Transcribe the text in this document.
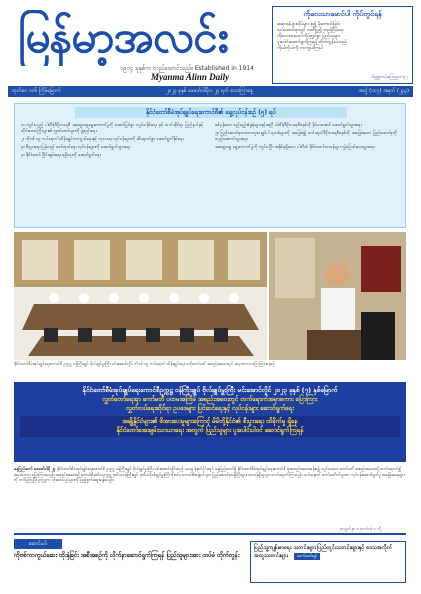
မြန်မာ့အလင်း
၁၉၁၄ ခုနှစ်က တည်ထောင်သည်။ Established in 1914
Myanma Alinn Daily
ကိုလေသာမောင်ပါ ကိုပ်တွင်ရန်
ဆရာဝန်များလိုပ်များ စုံ၍ မိုးကောင်းခြင်း
လုပ်ဆောင်ရာတွင် သတိပြု၍ တည်ငြိမ်ရေး
ကိုလေသာမောင်ကိုပ်တွင်စွာ ပြည်သူများ
ပူးပေါင်းဆောင်ရွက်ကြရန် တိုက်တွန်းပါသည်
ကိုယ်ကိုယ်ကို ကာကွယ်ကြပါ
မိတ္တူကပ်ကြေညာ-၄၇
ထုတ်ဝေ ၁၀၆ ကြိမ်မြောက်	၂၀၂၃ ခုနှစ် ဖေဖော်ဝါရီလ ၂၄ ရက် သောကြာနေ့	အတွဲ (၁၀၇) အမှတ် (၂၃၃)
နိုင်ငံတော်စီမံအုပ်ချုပ်ရေးကောင်စီ၏ ရှေ့လုပ်ငန်းစဉ် (၅) ရပ်
၁။ ကျင်းပမည့် ပါတီစုံဒီမိုကရေစီ အထွေထွေရွေးကောက်ပွဲကို အောင်မြင်စွာ ကျင်းပနိုင်ရေး နှင့် သက်ဆိုင်ရာ ပြည်နယ်နှင့်တိုင်းဒေသကြီးများ၏ လွှတ်တော်များကို ဖွဲ့စည်းရေး
၂။ ကိုဗစ်-၁၉ ကပ်ရောဂါ ထိန်းချုပ်ကာကွယ်ရေးနှင့် ကုသရေး လုပ်ငန်းများကို ထိရောက်စွာ ဆောင်ရွက်နိုင်ရေး
၃။ စီးပွားရေး ပြန်လည် ဖော်ထုတ်ရေး လုပ်ငန်းများကို ဆောင်ရွက်သွားရေး
၄။ နိုင်ငံတော် ငြိမ်းချမ်းရေး ရရှိရေးကို ဆောင်ရွက်ရေး
စစ်မှန်သော စည်းမျဉ်းစံနှုန်းများနှင့်အညီ ပါတီစုံဒီမိုကရေစီစနစ်ကို ခိုင်မာအောင် ဆောင်ရွက်သွားရေး
၅။ ပြည်ထောင်စုသဘောတူစာချုပ်ပါ ရလဒ်များကို အခြေခံ၍ ဖက်ဒရယ်ဒီမိုကရေစီစနစ်ကို အခြေခံသော ပြည်ထောင်စုကို တည်ဆောက်သွားရေး
အထွေထွေ ရွေးကောက်ပွဲကို ကျင်းပပြီး အနိုင်ရရှိသော ပါတီထံ နိုင်ငံတော်တာဝန်များ လွှဲပြောင်းပေးသွားရေး
နိုင်ငံတော်စီမံအုပ်ချုပ်ရေးကောင်စီ ဥက္ကဋ္ဌ ဝန်ကြီးချုပ် ဗိုလ်ချုပ်မှူးကြီး မင်းအောင်လှိုင် ကိုဗစ်-၁၉ ကပ်ရောဂါ ထိန်းချုပ်ရေး ဗဟိုကော်မတီ အစည်းအဝေးတွင် အမှာစကား ပြောကြားနေစဉ်
နိုင်ငံတော်စီမံအုပ်ချုပ်ရေးကောင်စီဥက္ကဋ္ဌ ဝန်ကြီးချုပ် ဗိုလ်ချုပ်မှူးကြီး မင်းအောင်လှိုင် ၂၀၂၃ ခုနှစ် (၇) နှစ်မြောက်
လွှတ်တော်ရေးရာ ကော်မတီ ပထမအကြိမ် အစည်းအဝေးတွင် တက်ရောက်အမှာစကား ပြောကြား
လွှတ်လပ်ရေးဆိုင်ရာ ဥပဒေများ ပြင်ဆင်ရေးနှင့် လုပ်ငန်းများ ဆောင်ရွက်ရေး
အချို့နိုင်ငံများ၏ ဖိအားပေးမှုများကြောင့် မိမိတို့နိုင်ငံ၏ စီးပွားရေး ထိခိုက်မှု ရှိနေ
နိုင်ငံတော်အေးချမ်းသာယာရေး အတွက် ပြည်သူများ ပူးပေါင်းပါဝင် ဆောင်ရွက်ကြရန်
နေပြည်တော် ဖေဖော်ဝါရီ ၂၃ နိုင်ငံတော်စီမံအုပ်ချုပ်ရေးကောင်စီ ဥက္ကဋ္ဌ ဝန်ကြီးချုပ် ဗိုလ်ချုပ်မှူးကြီး မင်းအောင်လှိုင်သည် ယနေ့ နံနက်ပိုင်းတွင် နေပြည်တော်ရှိ နိုင်ငံတော်စီမံအုပ်ချုပ်ရေးကောင်စီ ရုံးအစည်းအဝေးခန်းမ၌ ကျင်းပသော ကော်မတီ အစည်းအဝေးသို့ တက်ရောက်၍ အမှာစကား ပြောကြားသည်။ အစည်းအဝေးသို့ ကောင်စီဒုတိယဥက္ကဋ္ဌ ဒုတိယဝန်ကြီးချုပ် ဒုတိယဗိုလ်ချုပ်မှူးကြီး စိုးဝင်း၊ ကောင်စီအဖွဲ့ဝင်များ၊ ပြည်ထောင်စုဝန်ကြီးများ၊ တာဝန်ရှိသူများ တက်ရောက်ကြသည်။ ယင်းနောက် ကော်မတီဝင်များက လုပ်ငန်းဆောင်ရွက်မှု အခြေအနေများကို တင်ပြကြပြီး ဥက္ကဋ္ဌက လိုအပ်သည်များကို ဖြည့်စွက်ဆွေးနွေးသည်။
စာမျက်နှာ ၈ ကော်လံ ၁ သို့
ဆောင်းပါး
ကိုဗစ်ကာကွယ်ဆေး ထိုးနှံခြင်း အစီအစဉ်ကို လိုက်နာဆောင်ရွက်ကြရန် ပြည်သူများအား ထပ်မံ တိုက်တွန်း
ပြည်သူ့ကျန်းမာရေး သတင်းများ ပြည်တွင်းသတင်းများနှင့် ဒေသအလိုက် အထူးသတင်းများ ဆက်ဖတ်ရန်
